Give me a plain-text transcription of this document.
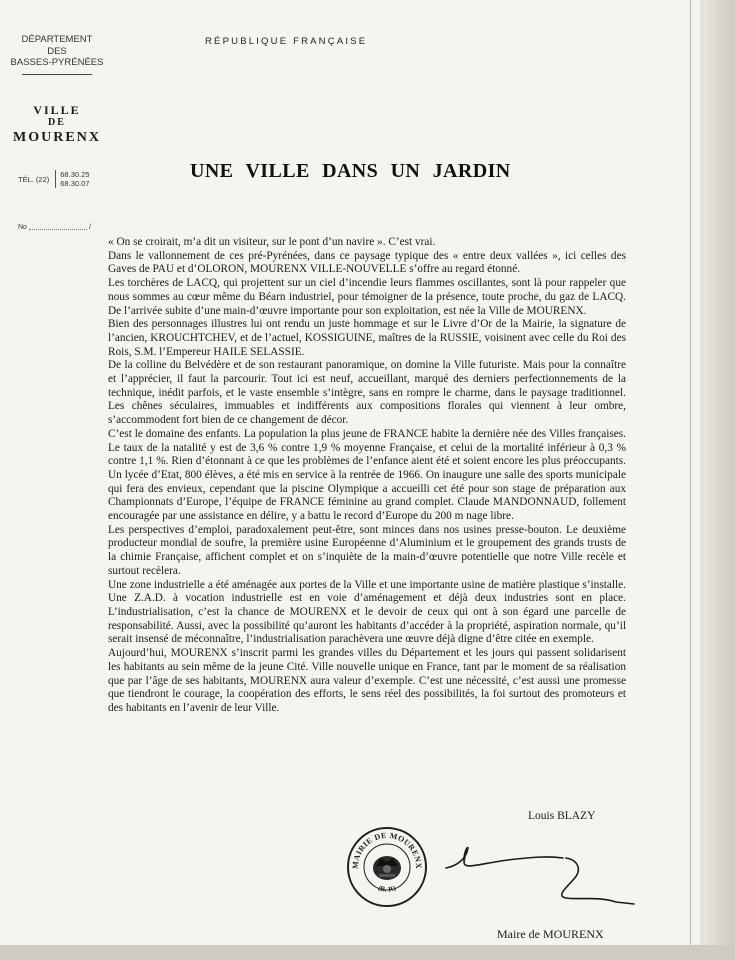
DÉPARTEMENT
DES
BASSES-PYRÉNÉES
VILLE
DE
MOURENX
TÉL. (22) 68.30.25
68.30.07
No	/
RÉPUBLIQUE FRANÇAISE
UNE VILLE DANS UN JARDIN

« On se croirait, m’a dit un visiteur, sur le pont d’un navire ». C’est vrai.

Dans le vallonnement de ces pré-Pyrénées, dans ce paysage typique des « entre deux vallées », ici celles des Gaves de PAU et d’OLORON, MOURENX VILLE-NOUVELLE s’offre au regard étonné.

Les torchères de LACQ, qui projettent sur un ciel d’incendie leurs flammes oscillantes, sont là pour rappeler que nous sommes au cœur même du Béarn industriel, pour témoigner de la présence, toute proche, du gaz de LACQ. De l’arrivée subite d’une main-d’œuvre importante pour son exploitation, est née la Ville de MOURENX.

Bien des personnages illustres lui ont rendu un juste hommage et sur le Livre d’Or de la Mairie, la signature de l’ancien, KROUCHTCHEV, et de l’actuel, KOSSIGUINE, maîtres de la RUSSIE, voisinent avec celle du Roi des Rois, S.M. l’Empereur HAILE SELASSIE.

De la colline du Belvédère et de son restaurant panoramique, on domine la Ville futuriste. Mais pour la connaître et l’apprécier, il faut la parcourir. Tout ici est neuf, accueillant, marqué des derniers perfectionnements de la technique, inédit parfois, et le vaste ensemble s’intègre, sans en rompre le charme, dans le paysage traditionnel. Les chênes séculaires, immuables et indifférents aux compositions florales qui viennent à leur ombre, s’accommodent fort bien de ce changement de décor.

C’est le domaine des enfants. La population la plus jeune de FRANCE habite la dernière née des Villes françaises. Le taux de la natalité y est de 3,6 % contre 1,9 % moyenne Française, et celui de la mortalité inférieur à 0,3 % contre 1,1 %. Rien d’étonnant à ce que les problèmes de l’enfance aient été et soient encore les plus préoccupants. Un lycée d’Etat, 800 élèves, a été mis en service à la rentrée de 1966. On inaugure une salle des sports municipale qui fera des envieux, cependant que la piscine Olympique a accueilli cet été pour son stage de préparation aux Championnats d’Europe, l’équipe de FRANCE féminine au grand complet. Claude MANDONNAUD, follement encouragée par une assistance en délire, y a battu le record d’Europe du 200 m nage libre.

Les perspectives d’emploi, paradoxalement peut-être, sont minces dans nos usines presse-bouton. Le deuxième producteur mondial de soufre, la première usine Européenne d’Aluminium et le groupement des grands trusts de la chimie Française, affichent complet et on s’inquiète de la main-d’œuvre potentielle que notre Ville recèle et surtout recèlera.

Une zone industrielle a été aménagée aux portes de la Ville et une importante usine de matière plastique s’installe. Une Z.A.D. à vocation industrielle est en voie d’aménagement et déjà deux industries sont en place. L’industrialisation, c’est la chance de MOURENX et le devoir de ceux qui ont à son égard une parcelle de responsabilité. Aussi, avec la possibilité qu’auront les habitants d’accéder à la propriété, aspiration normale, qu’il serait insensé de méconnaître, l’industrialisation parachèvera une œuvre déjà digne d’être citée en exemple.

Aujourd’hui, MOURENX s’inscrit parmi les grandes villes du Département et les jours qui passent solidarisent les habitants au sein même de la jeune Cité. Ville nouvelle unique en France, tant par le moment de sa réalisation que par l’âge de ses habitants, MOURENX aura valeur d’exemple. C’est une nécessité, c’est aussi une promesse que tiendront le courage, la coopération des efforts, le sens réel des possibilités, la foi surtout des promoteurs et des habitants en l’avenir de leur Ville.

Louis BLAZY
MAIRIE DE MOURENX
(B.-P.)
Maire de MOURENX
